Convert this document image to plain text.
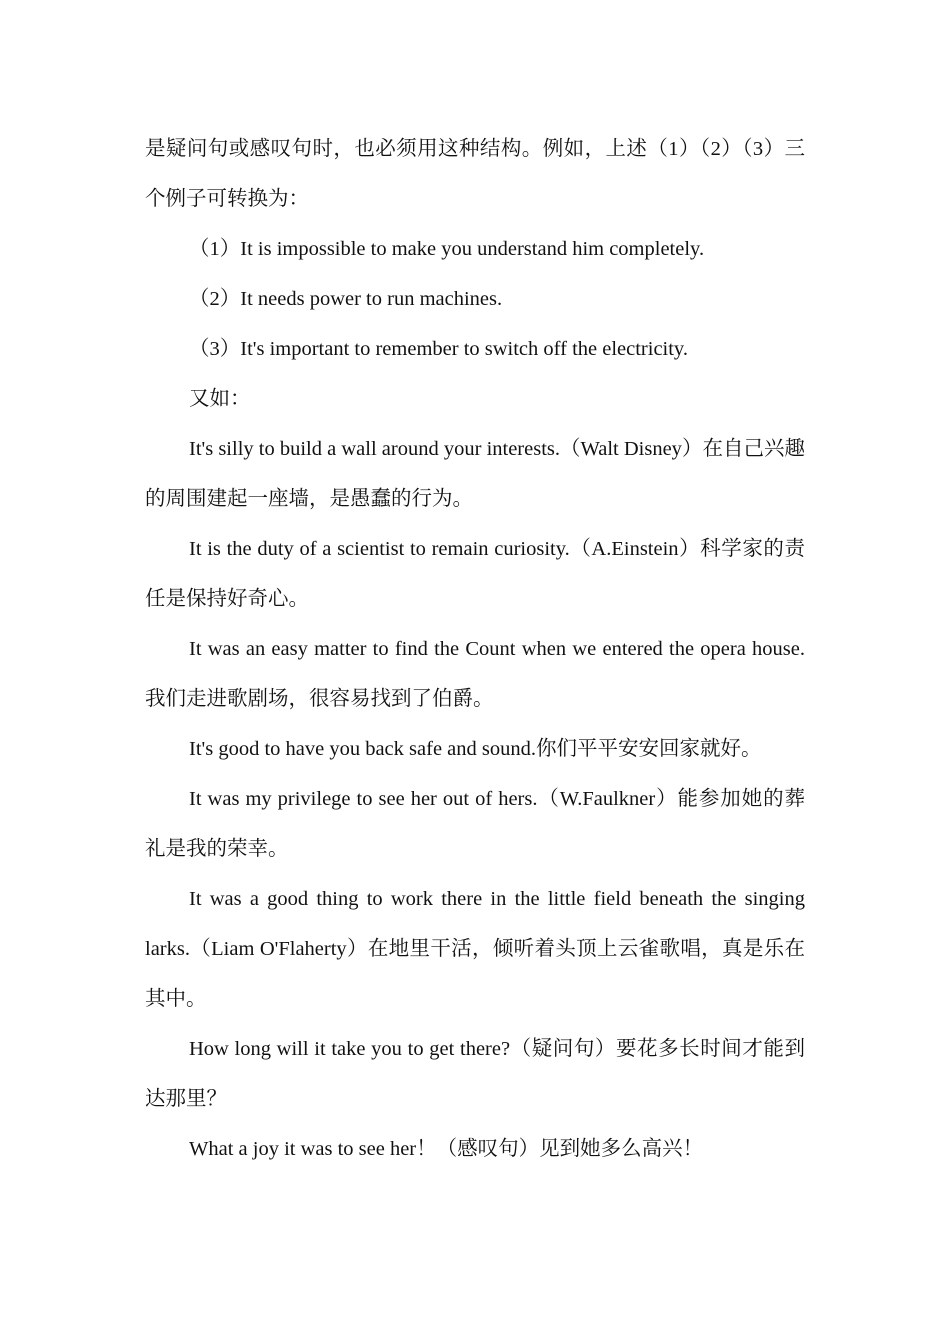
是疑问句或感叹句时，也必须用这种结构。例如，上述（1）（2）（3）三个例子可转换为：

（1）It is impossible to make you understand him completely.

（2）It needs power to run machines.

（3）It's important to remember to switch off the electricity.

又如：

It's silly to build a wall around your interests.（Walt Disney）在自己兴趣的周围建起一座墙，是愚蠢的行为。

It is the duty of a scientist to remain curiosity.（A.Einstein）科学家的责任是保持好奇心。

It was an easy matter to find the Count when we entered the opera house.我们走进歌剧场，很容易找到了伯爵。

It's good to have you back safe and sound.你们平平安安回家就好。

It was my privilege to see her out of hers.（W.Faulkner）能参加她的葬礼是我的荣幸。

It was a good thing to work there in the little field beneath the singing larks.（Liam O'Flaherty）在地里干活，倾听着头顶上云雀歌唱，真是乐在其中。

How long will it take you to get there?（疑问句）要花多长时间才能到达那里？

What a joy it was to see her！（感叹句）见到她多么高兴！
